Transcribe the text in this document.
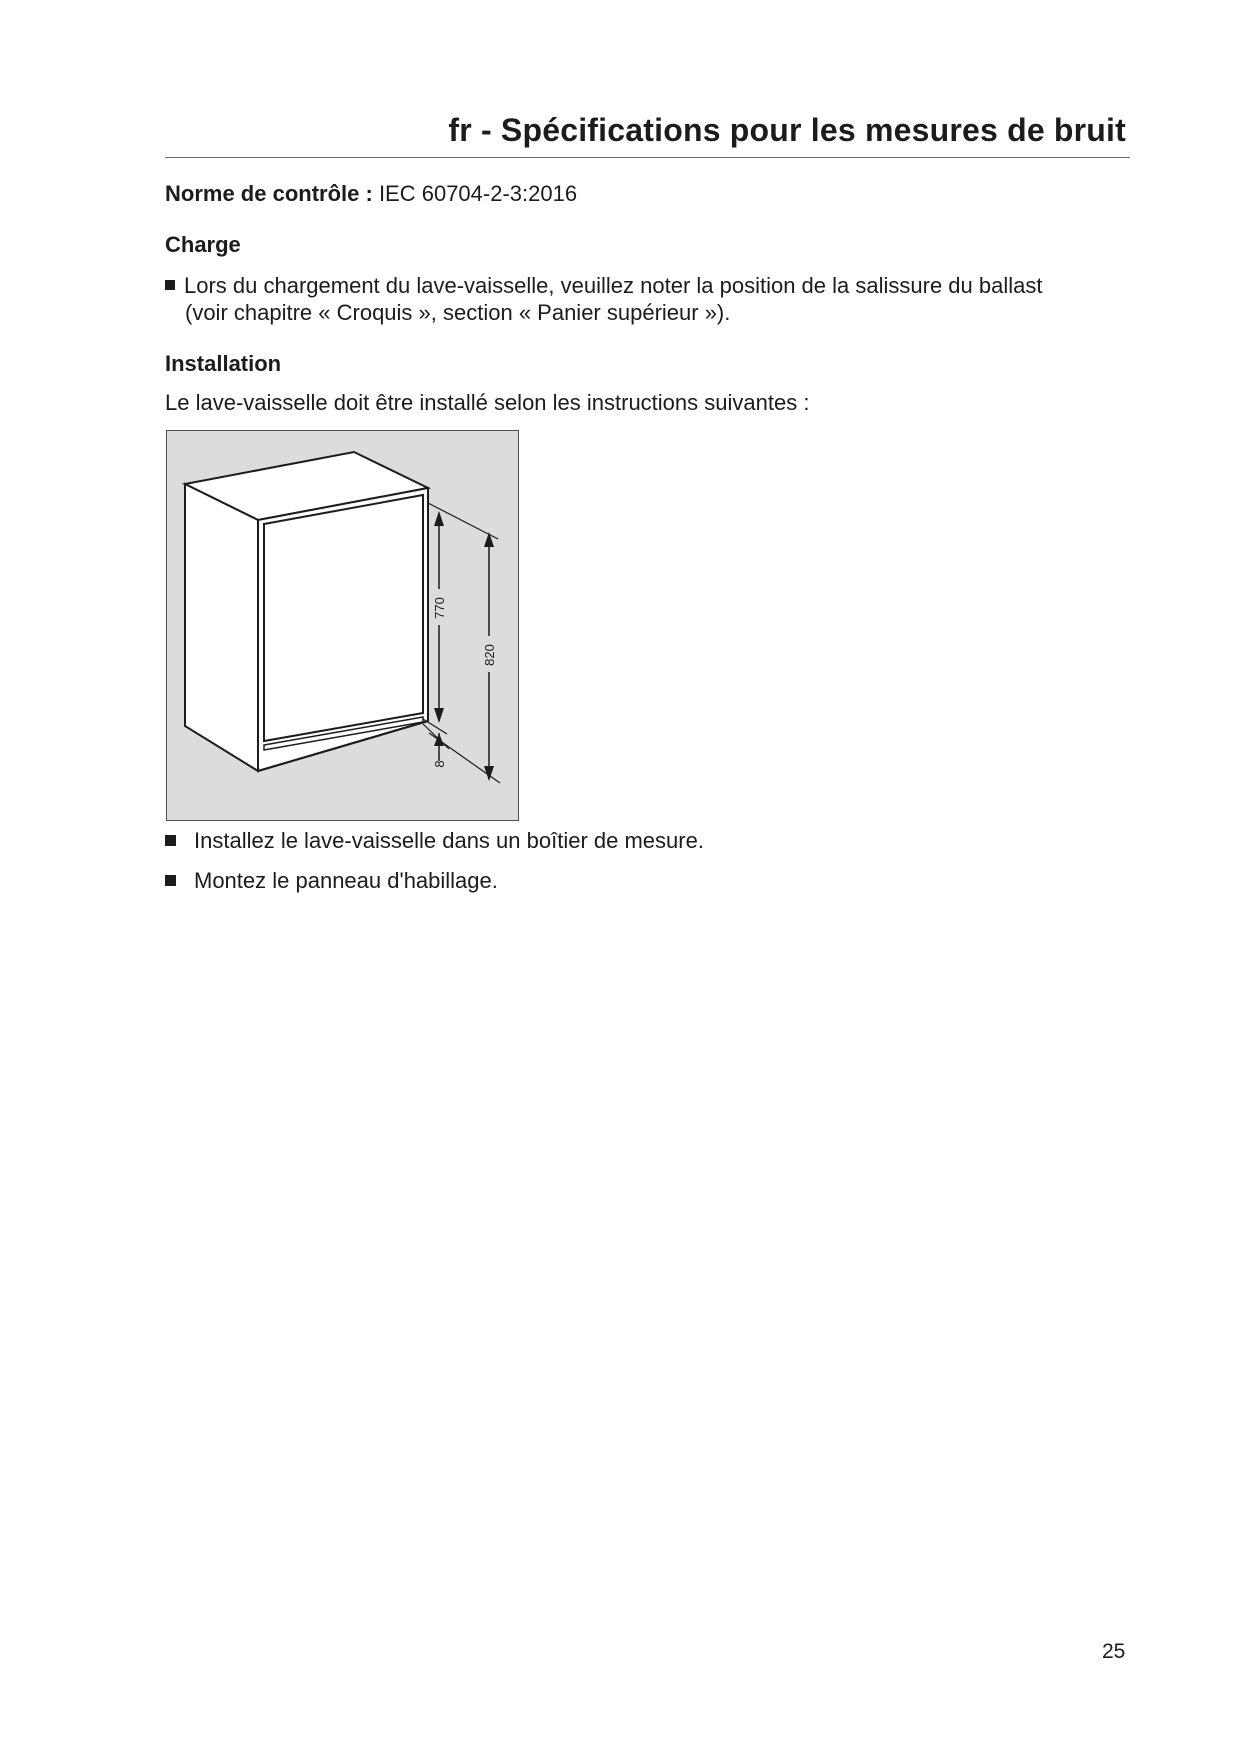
fr - Spécifications pour les mesures de bruit
Norme de contrôle : IEC 60704-2-3:2016
Charge
Lors du chargement du lave-vaisselle, veuillez noter la position de la salissure du ballast
(voir chapitre « Croquis », section « Panier supérieur »).
Installation
Le lave-vaisselle doit être installé selon les instructions suivantes :
770
820
8
Installez le lave-vaisselle dans un boîtier de mesure.
Montez le panneau d'habillage.
25
